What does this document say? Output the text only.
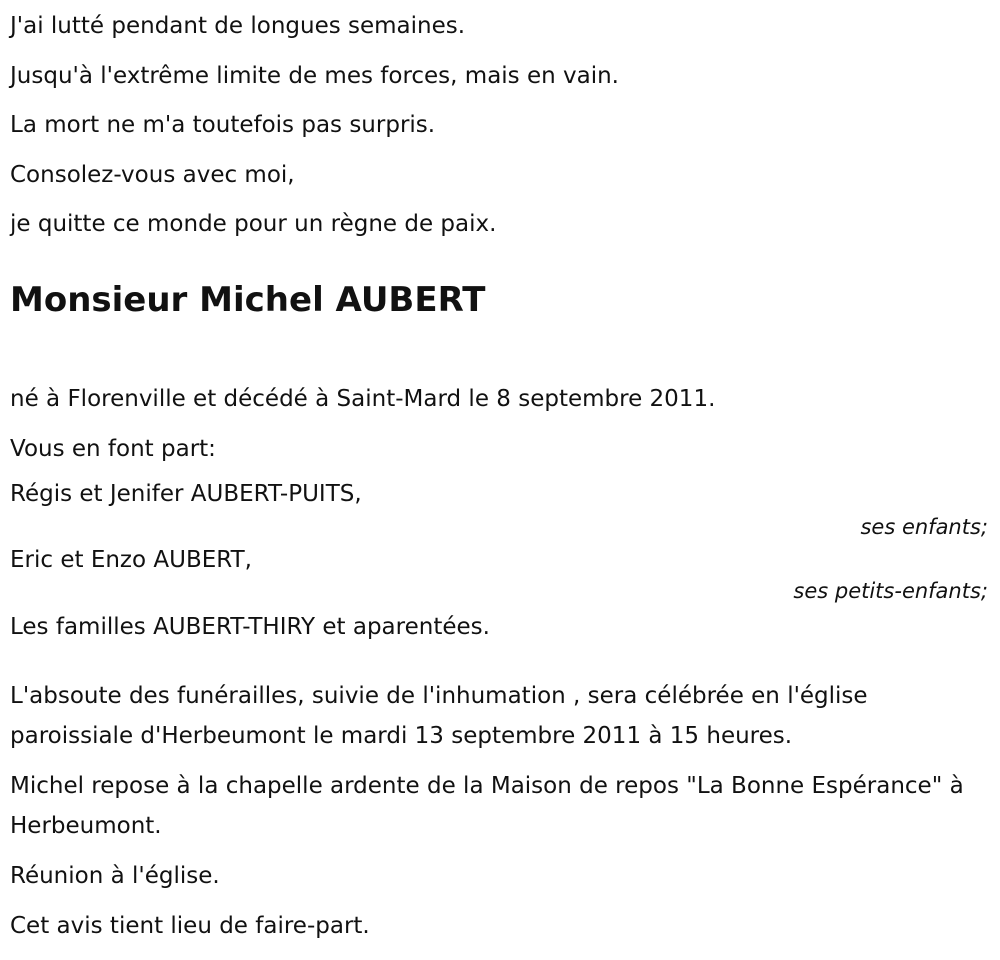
J'ai lutté pendant de longues semaines.
Jusqu'à l'extrême limite de mes forces, mais en vain.
La mort ne m'a toutefois pas surpris.
Consolez-vous avec moi,
je quitte ce monde pour un règne de paix.
Monsieur Michel AUBERT
né à Florenville et décédé à Saint-Mard le 8 septembre 2011.
Vous en font part:
Régis et Jenifer AUBERT-PUITS,
ses enfants;
Eric et Enzo AUBERT,
ses petits-enfants;
Les familles AUBERT-THIRY et aparentées.
L'absoute des funérailles, suivie de l'inhumation , sera célébrée en l'église paroissiale d'Herbeumont le mardi 13 septembre 2011 à 15 heures.
Michel repose à la chapelle ardente de la Maison de repos "La Bonne Espérance" à Herbeumont.
Réunion à l'église.
Cet avis tient lieu de faire-part.
